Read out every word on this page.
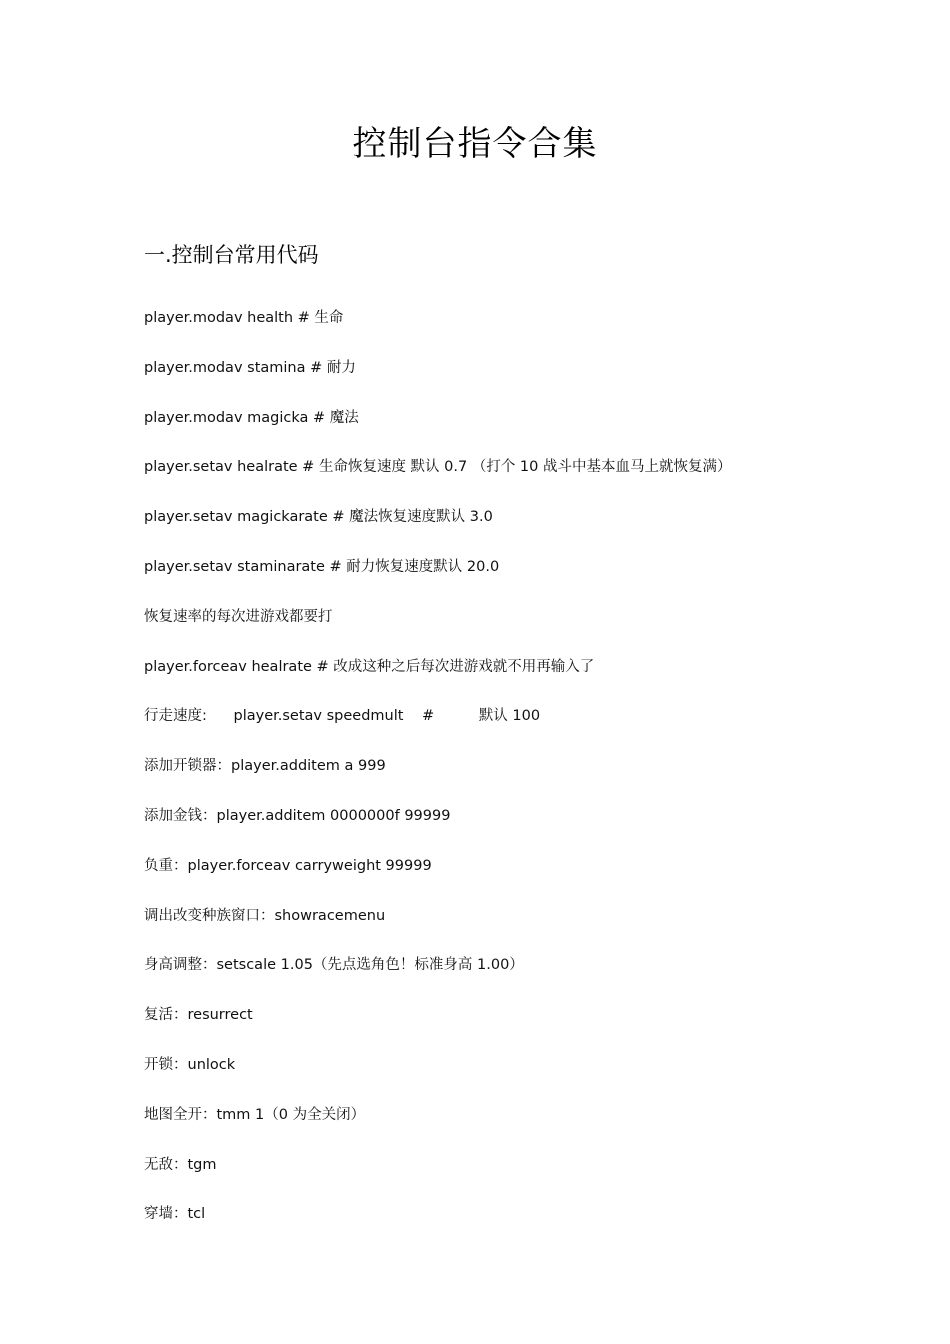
控制台指令合集
一.控制台常用代码
player.modav health # 生命
player.modav stamina # 耐力
player.modav magicka # 魔法
player.setav healrate # 生命恢复速度 默认 0.7 （打个 10 战斗中基本血马上就恢复满）
player.setav magickarate # 魔法恢复速度默认 3.0
player.setav staminarate # 耐力恢复速度默认 20.0
恢复速率的每次进游戏都要打
player.forceav healrate # 改成这种之后每次进游戏就不用再输入了
行走速度: player.setav speedmult #	默认 100
添加开锁器：player.additem a 999
添加金钱：player.additem 0000000f 99999
负重：player.forceav carryweight 99999
调出改变种族窗口：showracemenu
身高调整：setscale 1.05（先点选角色！标准身高 1.00）
复活：resurrect
开锁：unlock
地图全开：tmm 1（0 为全关闭）
无敌：tgm
穿墙：tcl
